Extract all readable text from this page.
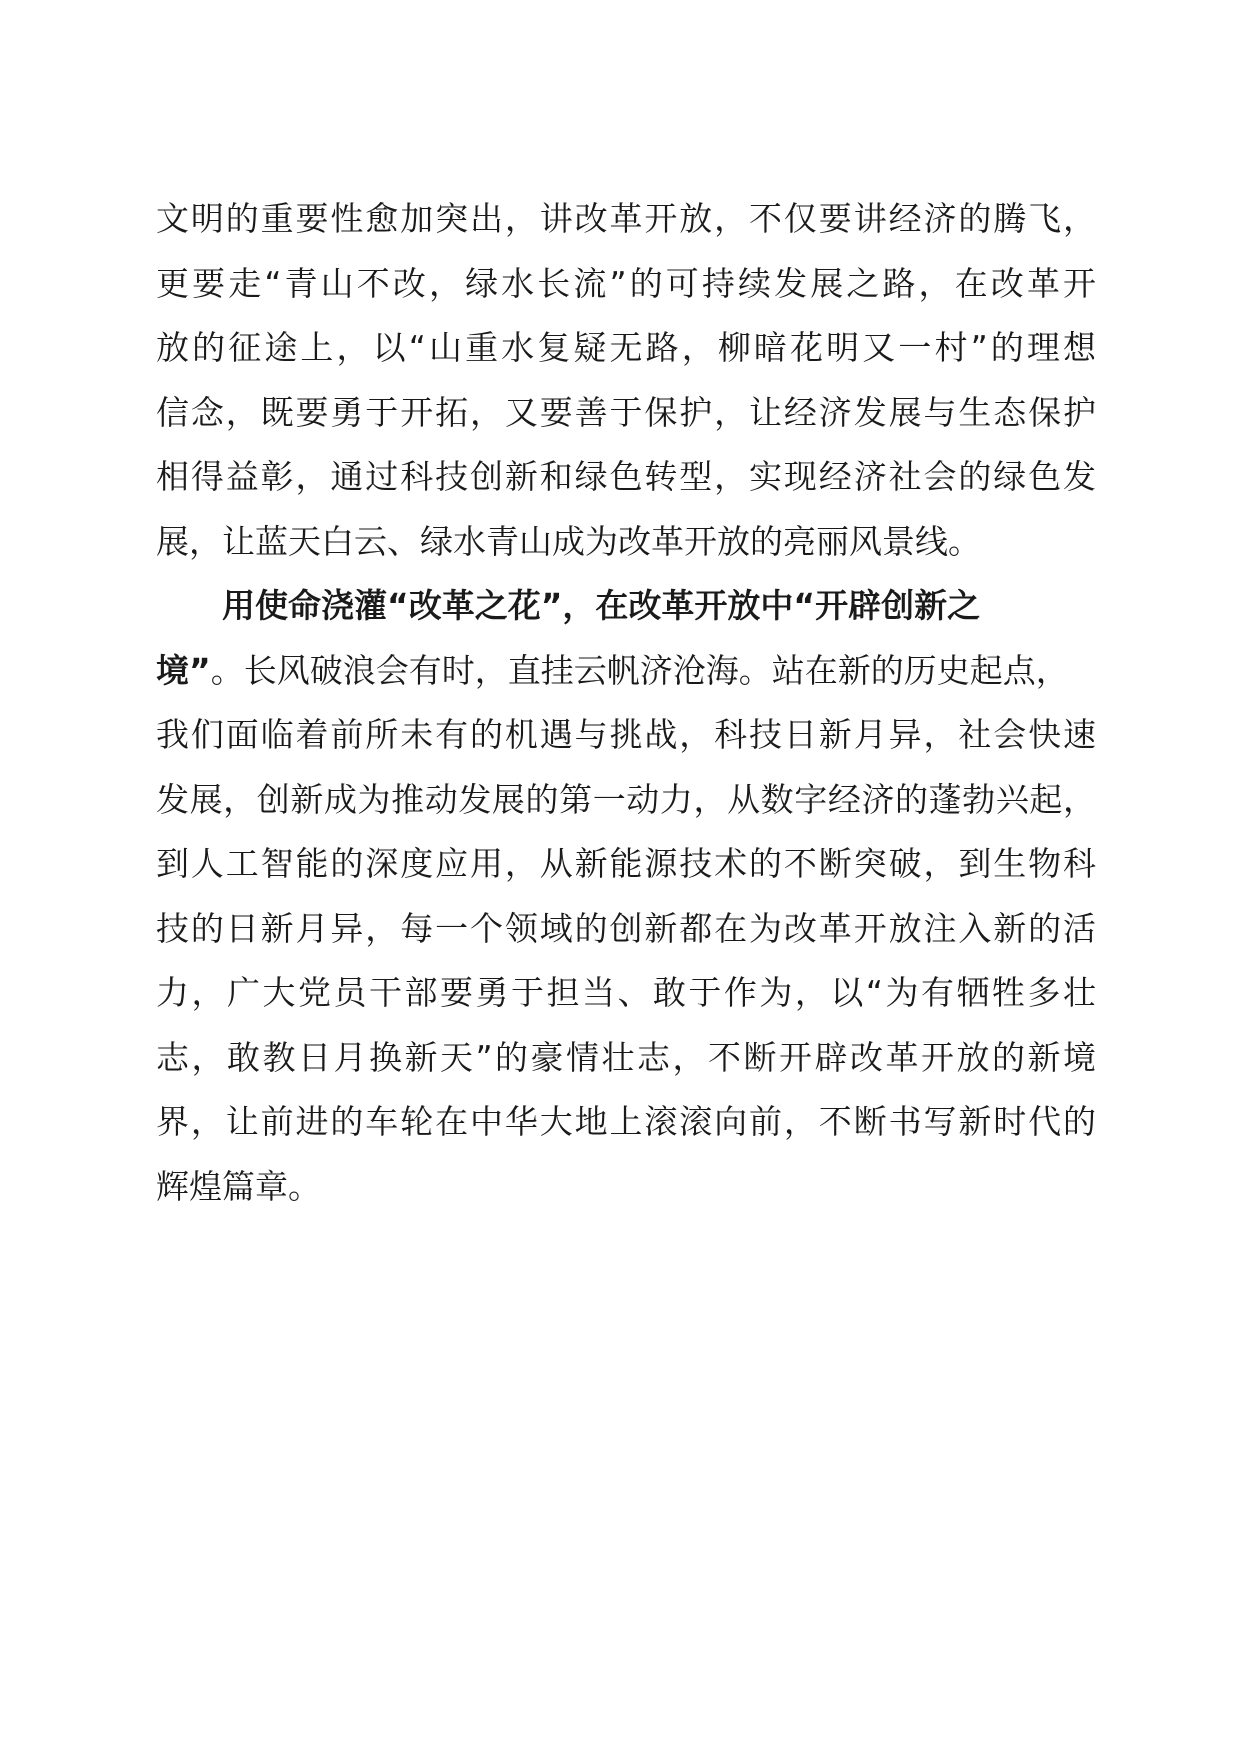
文明的重要性愈加突出，讲改革开放，不仅要讲经济的腾飞，
更要走“青山不改，绿水长流”的可持续发展之路，在改革开
放的征途上，以“山重水复疑无路，柳暗花明又一村”的理想
信念，既要勇于开拓，又要善于保护，让经济发展与生态保护
相得益彰，通过科技创新和绿色转型，实现经济社会的绿色发
展，让蓝天白云、绿水青山成为改革开放的亮丽风景线。
用使命浇灌“改革之花”，在改革开放中“开辟创新之
境”。长风破浪会有时，直挂云帆济沧海。站在新的历史起点，
我们面临着前所未有的机遇与挑战，科技日新月异，社会快速
发展，创新成为推动发展的第一动力，从数字经济的蓬勃兴起，
到人工智能的深度应用，从新能源技术的不断突破，到生物科
技的日新月异，每一个领域的创新都在为改革开放注入新的活
力，广大党员干部要勇于担当、敢于作为，以“为有牺牲多壮
志，敢教日月换新天”的豪情壮志，不断开辟改革开放的新境
界，让前进的车轮在中华大地上滚滚向前，不断书写新时代的
辉煌篇章。
